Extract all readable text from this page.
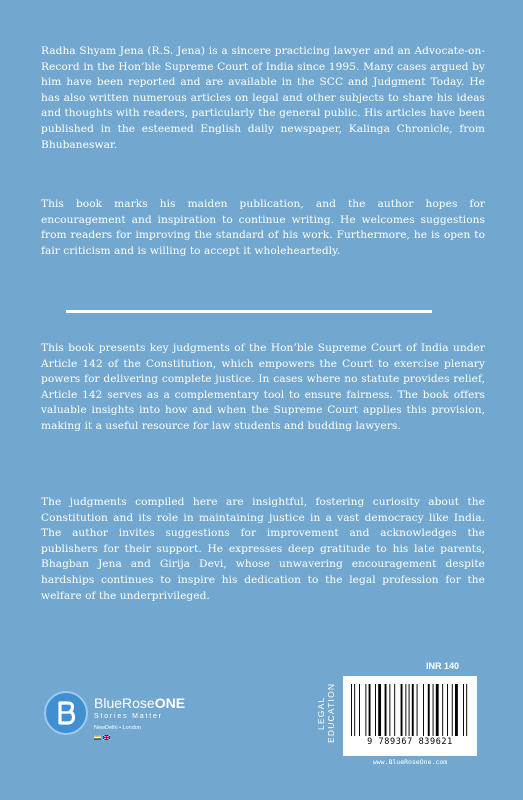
Radha Shyam Jena (R.S. Jena) is a sincere practicing lawyer and an Advocate-on-Record in the Hon’ble Supreme Court of India since 1995. Many cases argued by him have been reported and are available in the SCC and Judgment Today. He has also written numerous articles on legal and other subjects to share his ideas and thoughts with readers, particularly the general public. His articles have been published in the esteemed English daily newspaper, Kalinga Chronicle, from Bhubaneswar.

This book marks his maiden publication, and the author hopes for encouragement and inspiration to continue writing. He welcomes suggestions from readers for improving the standard of his work. Furthermore, he is open to fair criticism and is willing to accept it wholeheartedly.

This book presents key judgments of the Hon’ble Supreme Court of India under Article 142 of the Constitution, which empowers the Court to exercise plenary powers for delivering complete justice. In cases where no statute provides relief, Article 142 serves as a complementary tool to ensure fairness. The book offers valuable insights into how and when the Supreme Court applies this provision, making it a useful resource for law students and budding lawyers.

The judgments compiled here are insightful, fostering curiosity about the Constitution and its role in maintaining justice in a vast democracy like India. The author invites suggestions for improvement and acknowledges the publishers for their support. He expresses deep gratitude to his late parents, Bhagban Jena and Girija Devi, whose unwavering encouragement despite hardships continues to inspire his dedication to the legal profession for the welfare of the underprivileged.

BlueRoseONE
Stories Matter
NewDelhi • London	LEGAL EDUCATION
INR 140
9 789367 839621
www.BlueRoseOne.com
